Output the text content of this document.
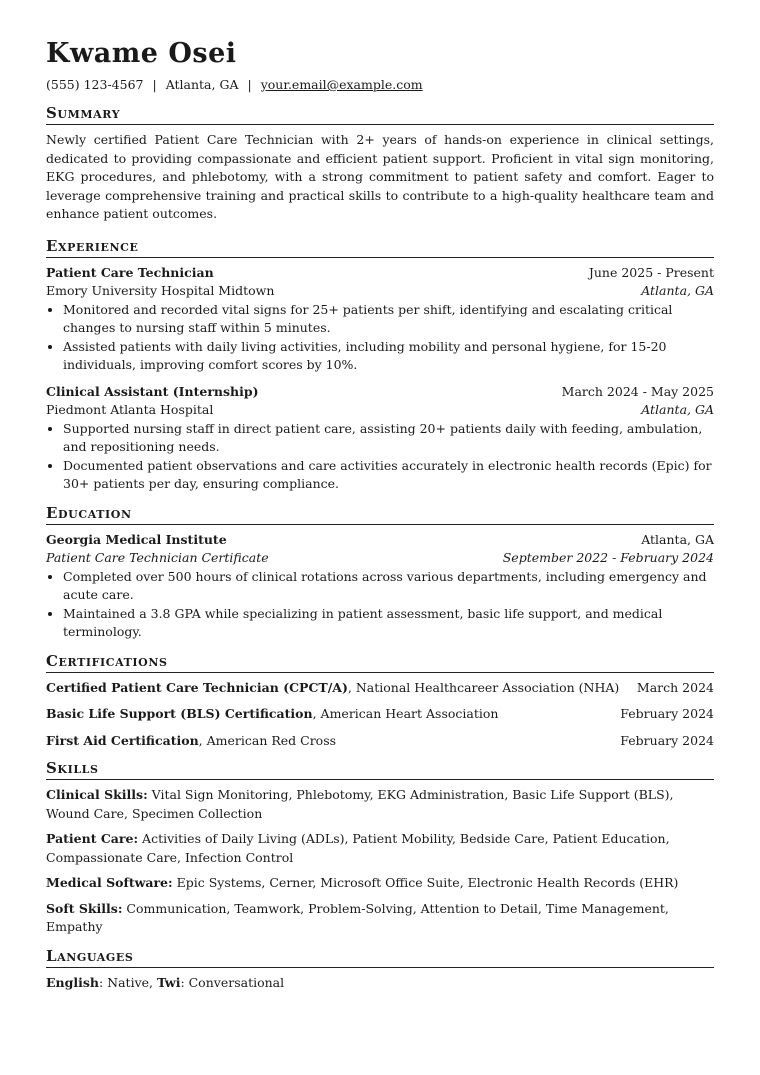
Kwame Osei
(555) 123-4567 | Atlanta, GA | your.email@example.com
Summary
Newly certified Patient Care Technician with 2+ years of hands-on experience in clinical settings, dedicated to providing compassionate and efficient patient support. Proficient in vital sign monitoring, EKG procedures, and phlebotomy, with a strong commitment to patient safety and comfort. Eager to leverage comprehensive training and practical skills to contribute to a high-quality healthcare team and enhance patient outcomes.
Experience
Patient Care Technician	June 2025 - Present
Emory University Hospital Midtown	Atlanta, GA
• Monitored and recorded vital signs for 25+ patients per shift, identifying and escalating critical changes to nursing staff within 5 minutes.
• Assisted patients with daily living activities, including mobility and personal hygiene, for 15-20 individuals, improving comfort scores by 10%.
Clinical Assistant (Internship)	March 2024 - May 2025
Piedmont Atlanta Hospital	Atlanta, GA
• Supported nursing staff in direct patient care, assisting 20+ patients daily with feeding, ambulation, and repositioning needs.
• Documented patient observations and care activities accurately in electronic health records (Epic) for 30+ patients per day, ensuring compliance.
Education
Georgia Medical Institute	Atlanta, GA
Patient Care Technician Certificate	September 2022 - February 2024
• Completed over 500 hours of clinical rotations across various departments, including emergency and acute care.
• Maintained a 3.8 GPA while specializing in patient assessment, basic life support, and medical terminology.
Certifications
Certified Patient Care Technician (CPCT/A), National Healthcareer Association (NHA) March 2024
Basic Life Support (BLS) Certification, American Heart Association	February 2024
First Aid Certification, American Red Cross	February 2024
Skills
Clinical Skills: Vital Sign Monitoring, Phlebotomy, EKG Administration, Basic Life Support (BLS), Wound Care, Specimen Collection
Patient Care: Activities of Daily Living (ADLs), Patient Mobility, Bedside Care, Patient Education, Compassionate Care, Infection Control
Medical Software: Epic Systems, Cerner, Microsoft Office Suite, Electronic Health Records (EHR)
Soft Skills: Communication, Teamwork, Problem-Solving, Attention to Detail, Time Management, Empathy
Languages
English: Native, Twi: Conversational
